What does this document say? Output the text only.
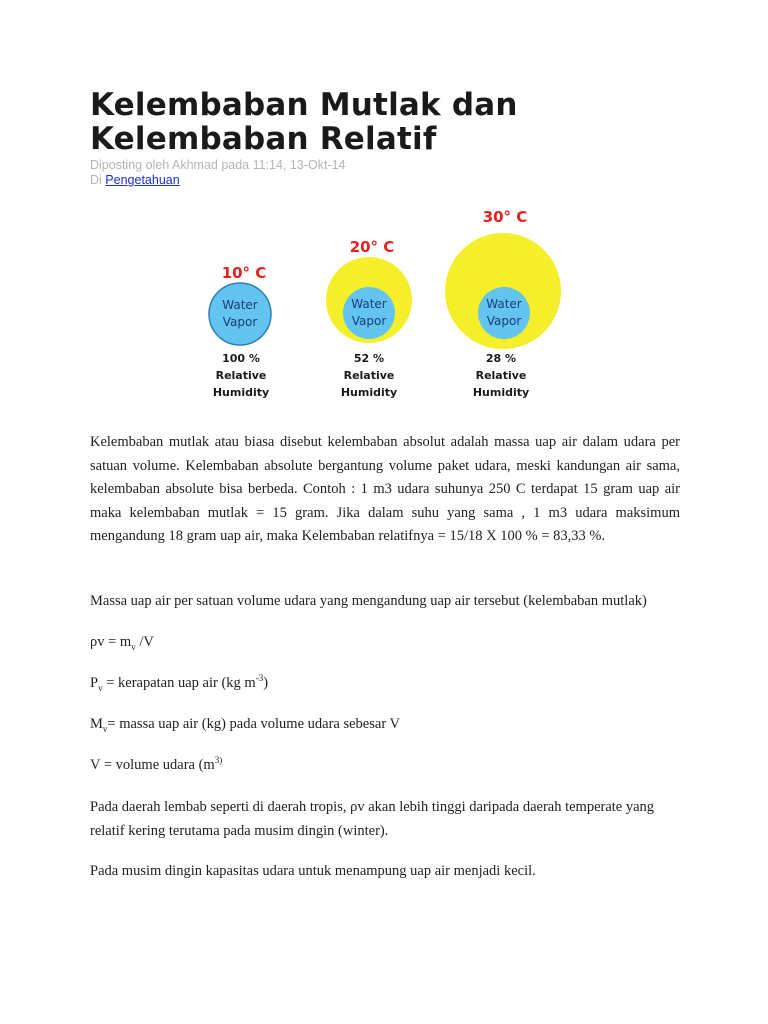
Kelembaban Mutlak dan Kelembaban Relatif
Diposting oleh Akhmad pada 11:14, 13-Okt-14
Di Pengetahuan
10° C
Water
Vapor
100 %
Relative
Humidity
20° C
Water
Vapor
52 %
Relative
Humidity
30° C
Water
Vapor
28 %
Relative
Humidity

Kelembaban mutlak atau biasa disebut kelembaban absolut adalah massa uap air dalam udara per satuan volume. Kelembaban absolute bergantung volume paket udara, meski kandungan air sama, kelembaban absolute bisa berbeda. Contoh : 1 m3 udara suhunya 250 C terdapat 15 gram uap air maka kelembaban mutlak = 15 gram. Jika dalam suhu yang sama , 1 m3 udara maksimum mengandung 18 gram uap air, maka Kelembaban relatifnya = 15/18 X 100 % = 83,33 %.

Massa uap air per satuan volume udara yang mengandung uap air tersebut (kelembaban mutlak)

$\rho v = m_v$ /V

$P_v$ = kerapatan uap air (kg $m^{-3}$)

$M_v=$ massa uap air (kg) pada volume udara sebesar V

V = volume udara ($m^{3)}$

Pada daerah lembab seperti di daerah tropis, ρv akan lebih tinggi daripada daerah temperate yang relatif kering terutama pada musim dingin (winter).

Pada musim dingin kapasitas udara untuk menampung uap air menjadi kecil.
